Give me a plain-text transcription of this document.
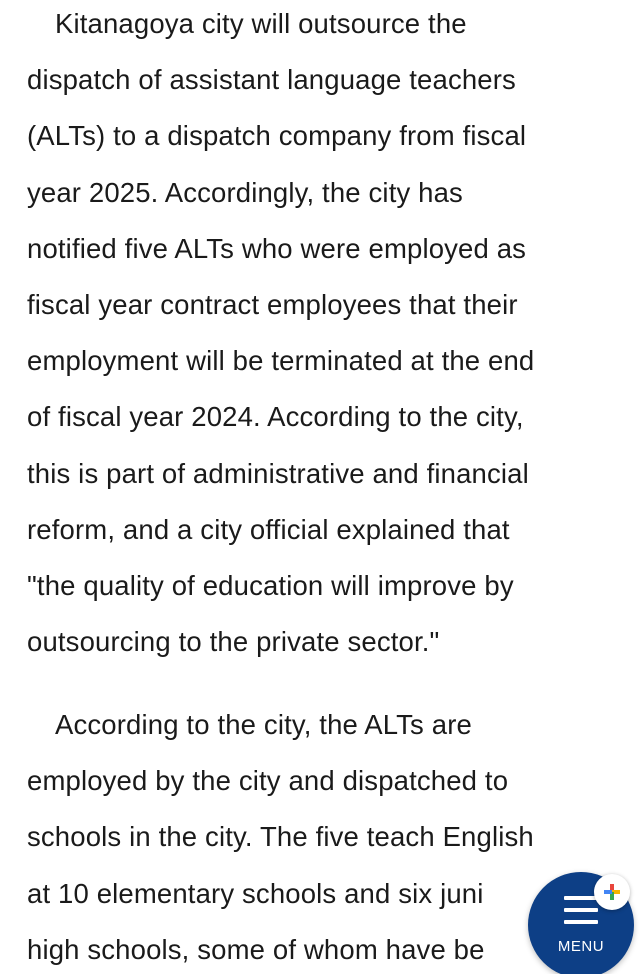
Kitanagoya city will outsource the
dispatch of assistant language teachers
(ALTs) to a dispatch company from fiscal
year 2025. Accordingly, the city has
notified five ALTs who were employed as
fiscal year contract employees that their
employment will be terminated at the end
of fiscal year 2024. According to the city,
this is part of administrative and financial
reform, and a city official explained that
"the quality of education will improve by
outsourcing to the private sector."

According to the city, the ALTs are
employed by the city and dispatched to
schools in the city. The five teach English
at 10 elementary schools and six juni
high schools, some of whom have be	MENU
